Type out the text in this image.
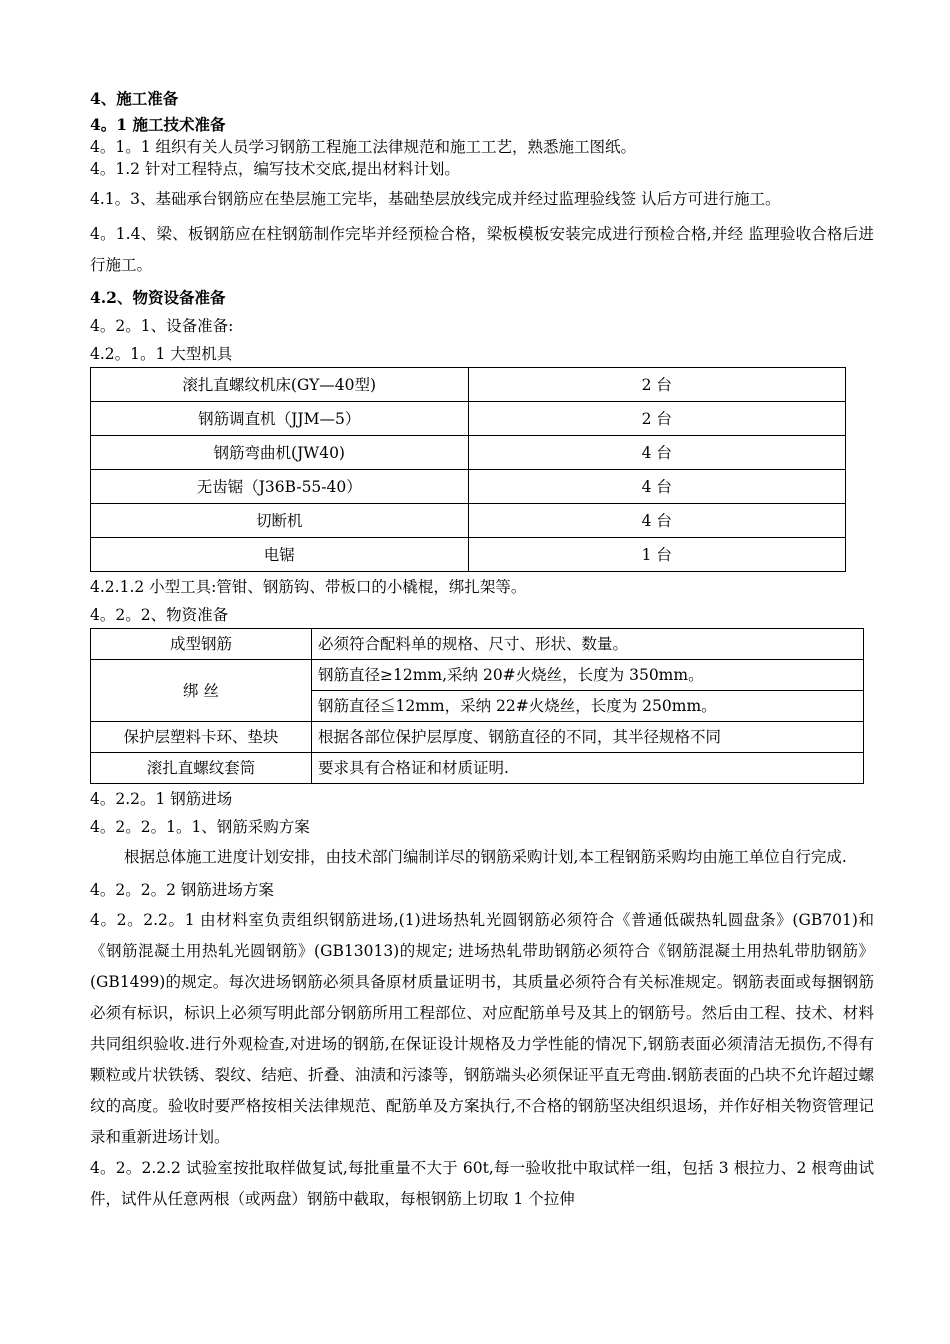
4、施工准备
4。1 施工技术准备
4。1。1 组织有关人员学习钢筋工程施工法律规范和施工工艺，熟悉施工图纸。
4。1.2 针对工程特点，编写技术交底,提出材料计划。
4.1。3、基础承台钢筋应在垫层施工完毕，基础垫层放线完成并经过监理验线签 认后方可进行施工。
4。1.4、梁、板钢筋应在柱钢筋制作完毕并经预检合格，梁板模板安装完成进行预检合格,并经 监理验收合格后进行施工。
4.2、物资设备准备
4。2。1、设备准备:
4.2。1。1 大型机具
滚扎直螺纹机床(GY—40型)	2 台
钢筋调直机（JJM—5）	2 台
钢筋弯曲机(JW40)	4 台
无齿锯（J36B-55-40）	4 台
切断机	4 台
电锯	1 台
4.2.1.2 小型工具:管钳、钢筋钩、带板口的小橇棍，绑扎架等。
4。2。2、物资准备
成型钢筋	必须符合配料单的规格、尺寸、形状、数量。
绑 丝	钢筋直径≥12mm,采纳 20#火烧丝，长度为 350mm。
	钢筋直径≦12mm，采纳 22#火烧丝，长度为 250mm。
保护层塑料卡环、垫块	根据各部位保护层厚度、钢筋直径的不同，其半径规格不同
滚扎直螺纹套筒	要求具有合格证和材质证明.
4。2.2。1 钢筋进场
4。2。2。1。1、钢筋采购方案
根据总体施工进度计划安排，由技术部门编制详尽的钢筋采购计划,本工程钢筋采购均由施工单位自行完成.
4。2。2。2 钢筋进场方案
4。2。2.2。1 由材料室负责组织钢筋进场,(1)进场热轧光圆钢筋必须符合《普通低碳热轧圆盘条》(GB701)和《钢筋混凝土用热轧光圆钢筋》(GB13013)的规定; 进场热轧带助钢筋必须符合《钢筋混凝土用热轧带肋钢筋》(GB1499)的规定。每次进场钢筋必须具备原材质量证明书，其质量必须符合有关标准规定。钢筋表面或每捆钢筋必须有标识，标识上必须写明此部分钢筋所用工程部位、对应配筋单号及其上的钢筋号。然后由工程、技术、材料共同组织验收.进行外观检查,对进场的钢筋,在保证设计规格及力学性能的情况下,钢筋表面必须清洁无损伤,不得有颗粒或片状铁锈、裂纹、结疤、折叠、油渍和污漆等，钢筋端头必须保证平直无弯曲.钢筋表面的凸块不允许超过螺纹的高度。验收时要严格按相关法律规范、配筋单及方案执行,不合格的钢筋坚决组织退场，并作好相关物资管理记录和重新进场计划。
4。2。2.2.2 试验室按批取样做复试,每批重量不大于 60t,每一验收批中取试样一组，包括 3 根拉力、2 根弯曲试件，试件从任意两根（或两盘）钢筋中截取，每根钢筋上切取 1 个拉伸
